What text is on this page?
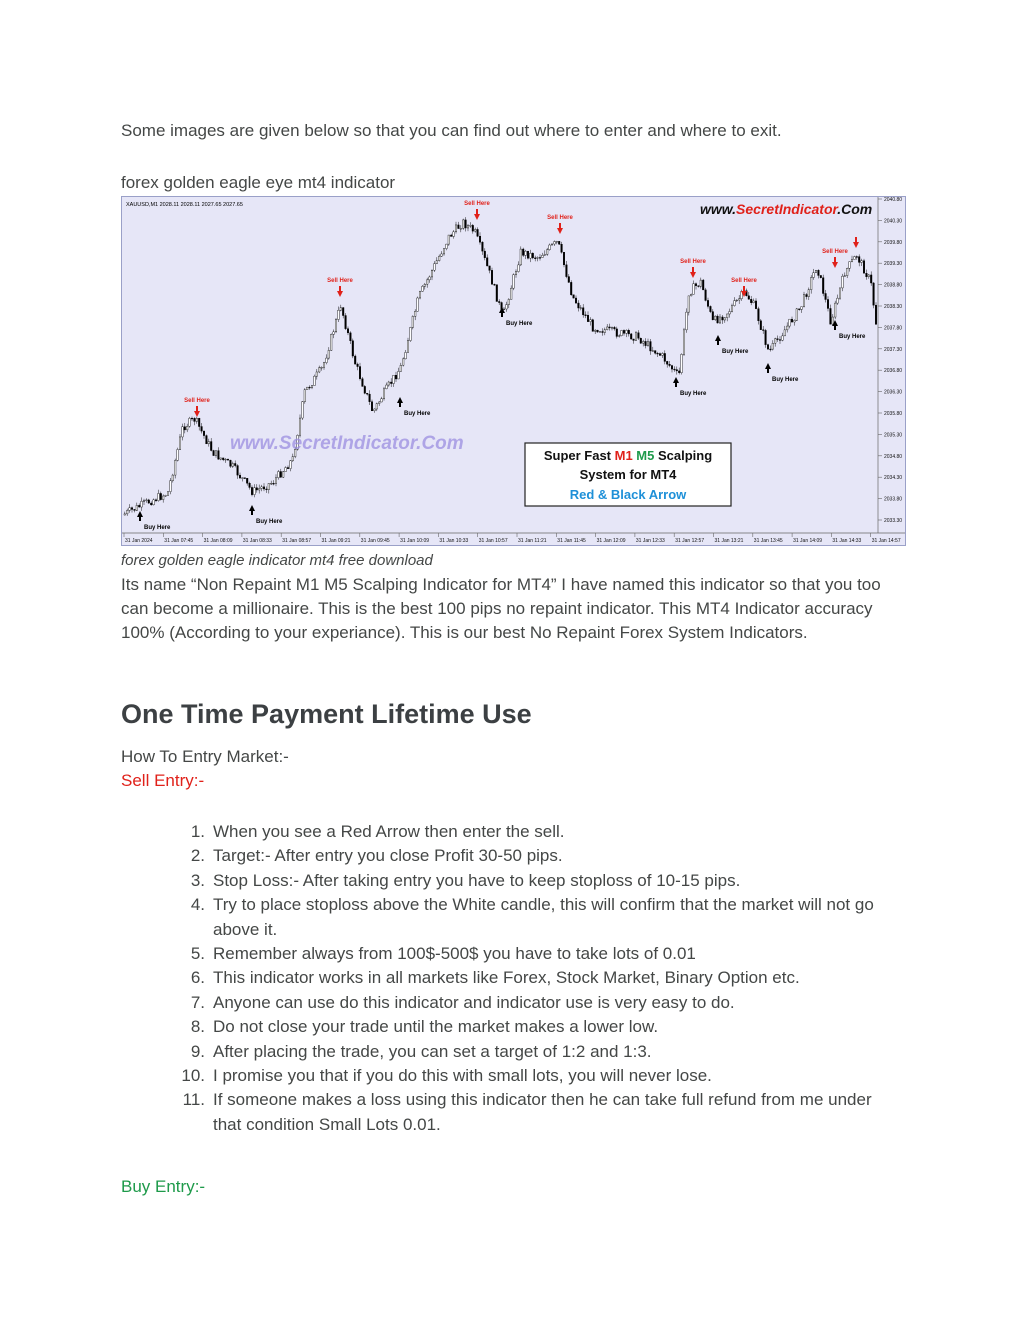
Some images are given below so that you can find out where to enter and where to exit.

forex golden eagle eye mt4 indicator

Sell Here
Sell Here
Sell Here
Sell Here
Sell Here
Sell Here
Sell Here
Buy Here
Buy Here
Buy Here
Buy Here
Buy Here
Buy Here
Buy Here
Buy Here
XAUUSD,M1 2028.11 2028.11 2027.65 2027.65	www.SecretIndicator.Com
www.SecretIndicator.Com
Super Fast M1 M5 Scalping
System for MT4
Red & Black Arrow
2040.80
2040.30
2039.80
2039.30
2038.80
2038.30
2037.80
2037.30
2036.80
2036.30
2035.80
2035.30
2034.80
2034.30
2033.80
2033.30
31 Jan 2024 31 Jan 07:45 31 Jan 08:09 31 Jan 08:33 31 Jan 08:57 31 Jan 09:21 31 Jan 09:45 31 Jan 10:09 31 Jan 10:33 31 Jan 10:57 31 Jan 11:21 31 Jan 11:45 31 Jan 12:09 31 Jan 12:33 31 Jan 12:57 31 Jan 13:21 31 Jan 13:45 31 Jan 14:09 31 Jan 14:33 31 Jan 14:57

forex golden eagle indicator mt4 free download

Its name “Non Repaint M1 M5 Scalping Indicator for MT4” I have named this indicator so that you too can become a millionaire. This is the best 100 pips no repaint indicator. This MT4 Indicator accuracy 100% (According to your experiance). This is our best No Repaint Forex System Indicators.

One Time Payment Lifetime Use

How To Entry Market:-

Sell Entry:-

1. When you see a Red Arrow then enter the sell.
2. Target:- After entry you close Profit 30-50 pips.
3. Stop Loss:- After taking entry you have to keep stoploss of 10-15 pips.
4. Try to place stoploss above the White candle, this will confirm that the market will not go above it.
5. Remember always from 100$-500$ you have to take lots of 0.01
6. This indicator works in all markets like Forex, Stock Market, Binary Option etc.
7. Anyone can use do this indicator and indicator use is very easy to do.
8. Do not close your trade until the market makes a lower low.
9. After placing the trade, you can set a target of 1:2 and 1:3.
10. I promise you that if you do this with small lots, you will never lose.
11. If someone makes a loss using this indicator then he can take full refund from me under that condition Small Lots 0.01.

Buy Entry:-
